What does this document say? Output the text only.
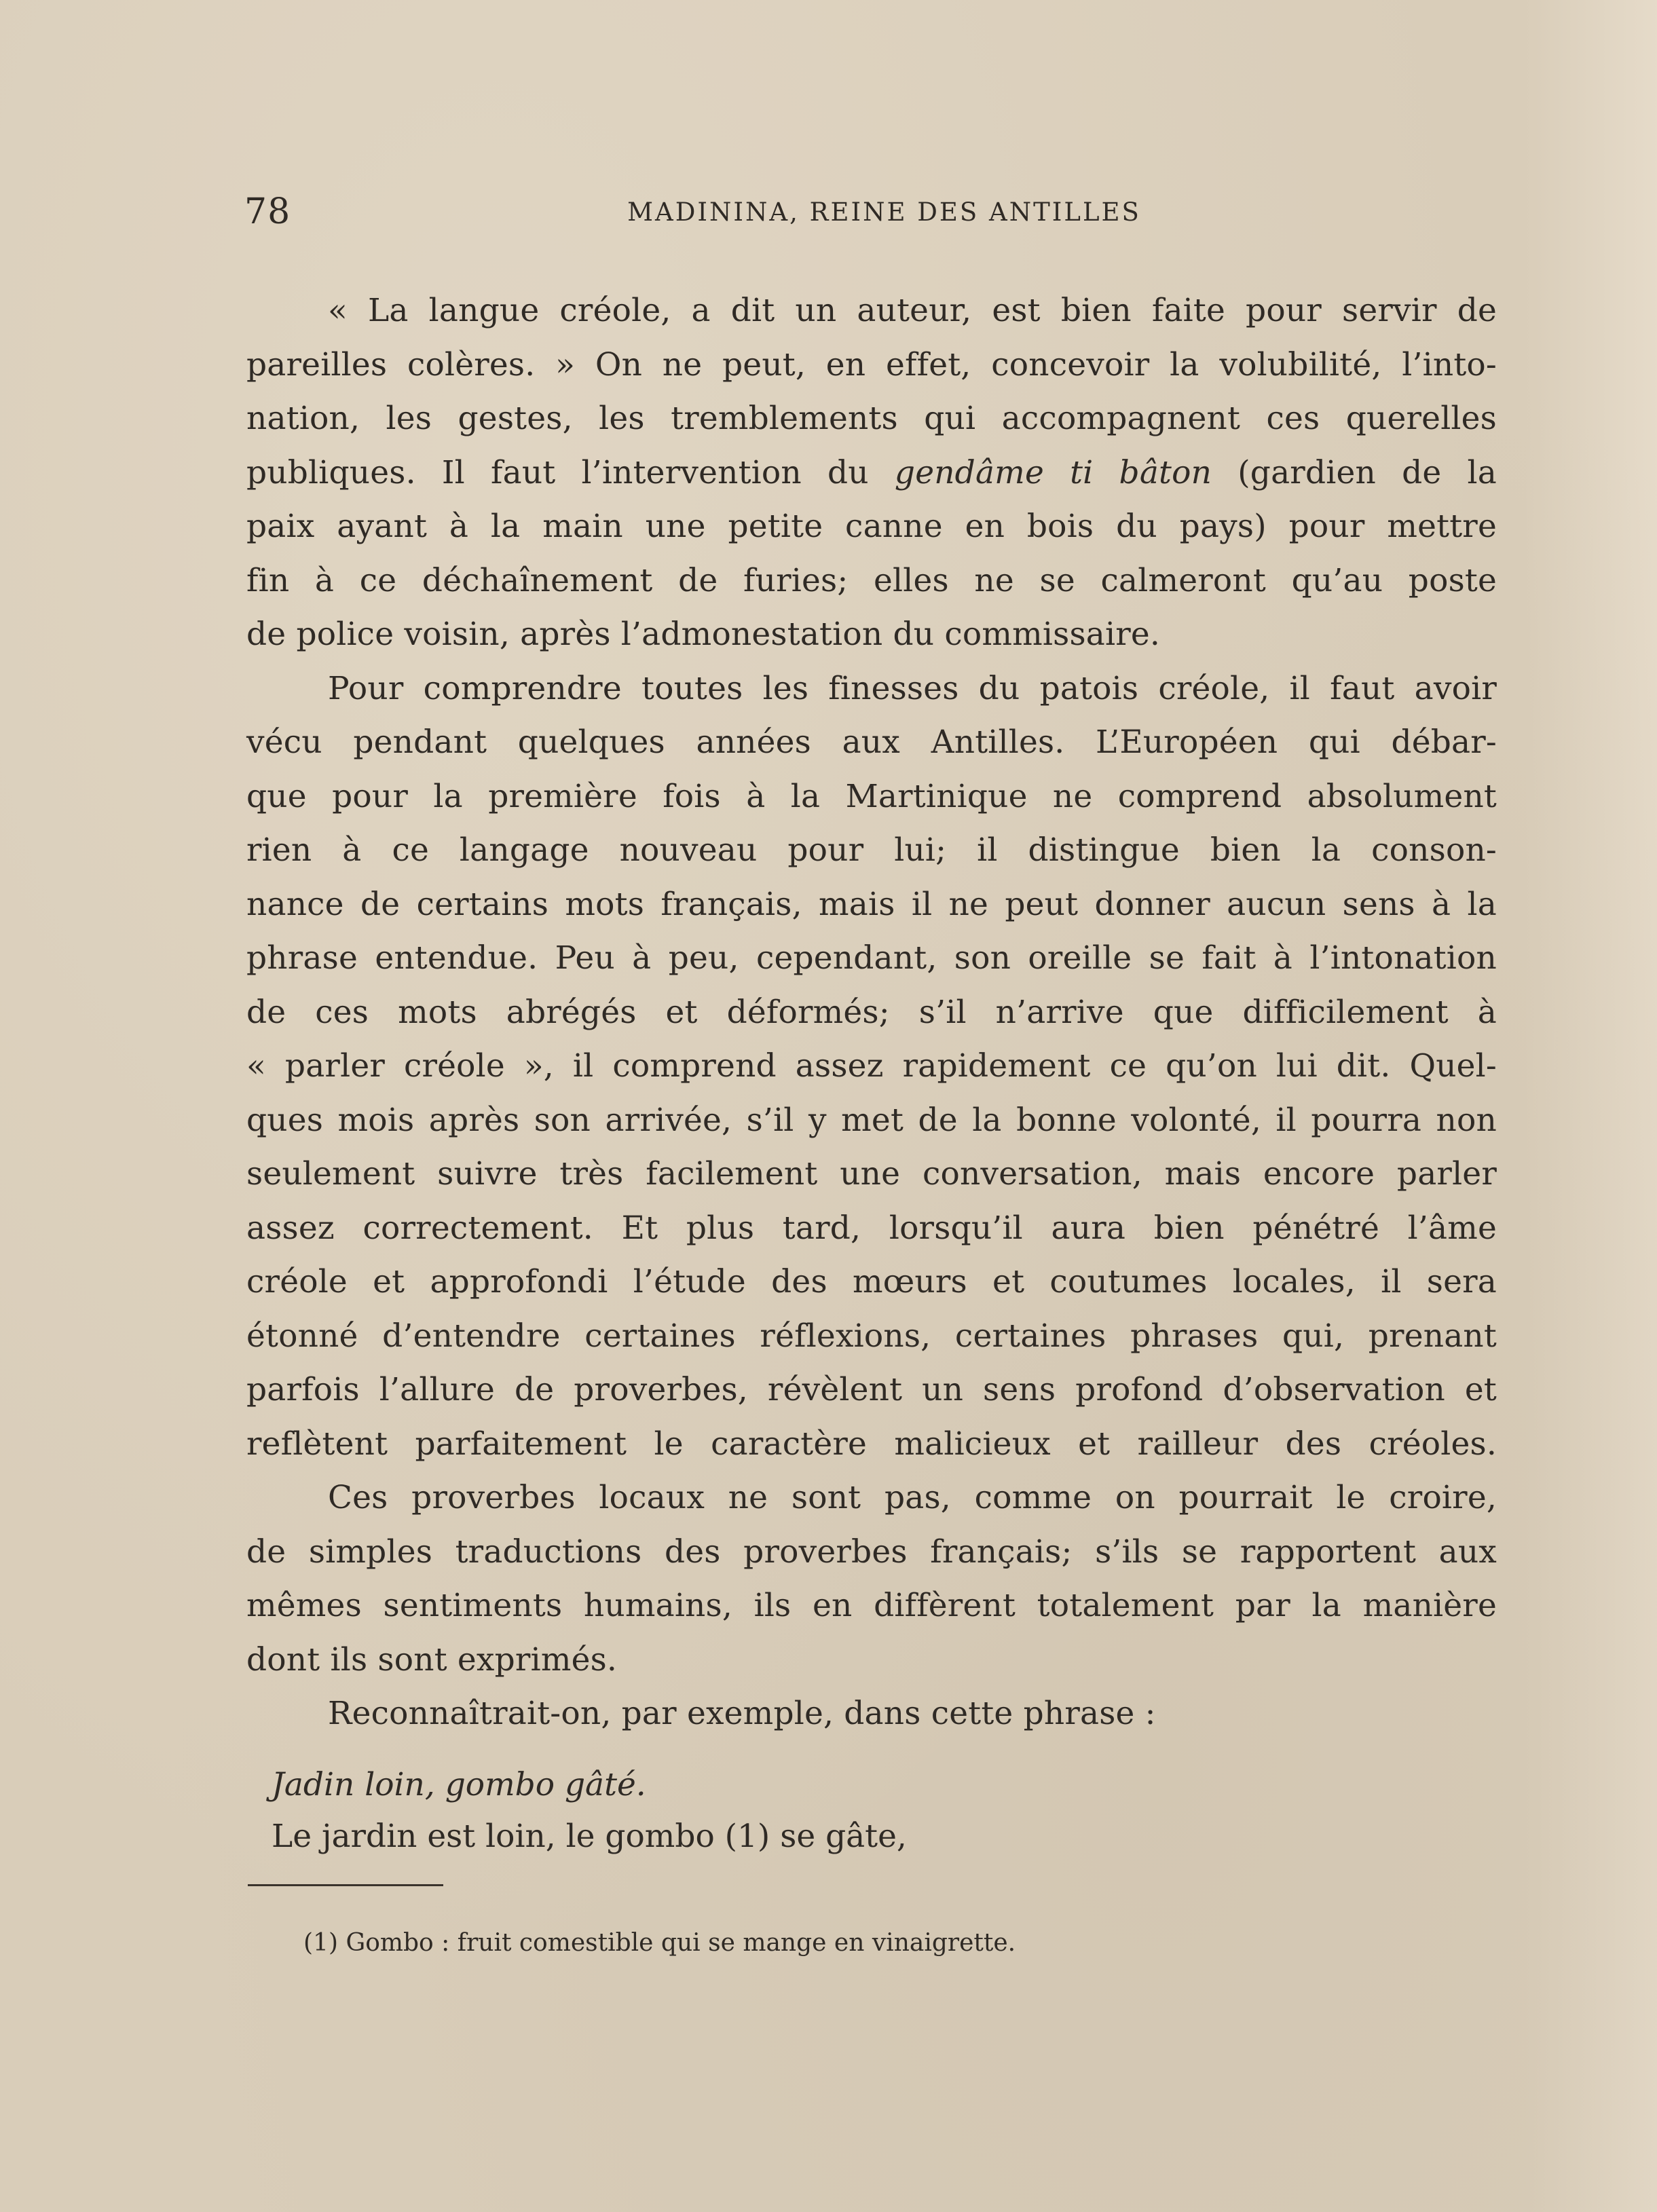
78	MADININA, REINE DES ANTILLES
« La langue créole, a dit un auteur, est bien faite pour servir de
pareilles colères. » On ne peut, en effet, concevoir la volubilité, l’into-
nation, les gestes, les tremblements qui accompagnent ces querelles
publiques. Il faut l’intervention du gendâme ti bâton (gardien de la
paix ayant à la main une petite canne en bois du pays) pour mettre
fin à ce déchaînement de furies; elles ne se calmeront qu’au poste
de police voisin, après l’admonestation du commissaire.
Pour comprendre toutes les finesses du patois créole, il faut avoir
vécu pendant quelques années aux Antilles. L’Européen qui débar-
que pour la première fois à la Martinique ne comprend absolument
rien à ce langage nouveau pour lui; il distingue bien la conson-
nance de certains mots français, mais il ne peut donner aucun sens à la
phrase entendue. Peu à peu, cependant, son oreille se fait à l’intonation
de ces mots abrégés et déformés; s’il n’arrive que difficilement à
« parler créole », il comprend assez rapidement ce qu’on lui dit. Quel-
ques mois après son arrivée, s’il y met de la bonne volonté, il pourra non
seulement suivre très facilement une conversation, mais encore parler
assez correctement. Et plus tard, lorsqu’il aura bien pénétré l’âme
créole et approfondi l’étude des mœurs et coutumes locales, il sera
étonné d’entendre certaines réflexions, certaines phrases qui, prenant
parfois l’allure de proverbes, révèlent un sens profond d’observation et
reflètent parfaitement le caractère malicieux et railleur des créoles.
Ces proverbes locaux ne sont pas, comme on pourrait le croire,
de simples traductions des proverbes français; s’ils se rapportent aux
mêmes sentiments humains, ils en diffèrent totalement par la manière
dont ils sont exprimés.
Reconnaîtrait-on, par exemple, dans cette phrase :
Jadin loin, gombo gâté.
Le jardin est loin, le gombo (1) se gâte,
(1) Gombo : fruit comestible qui se mange en vinaigrette.
